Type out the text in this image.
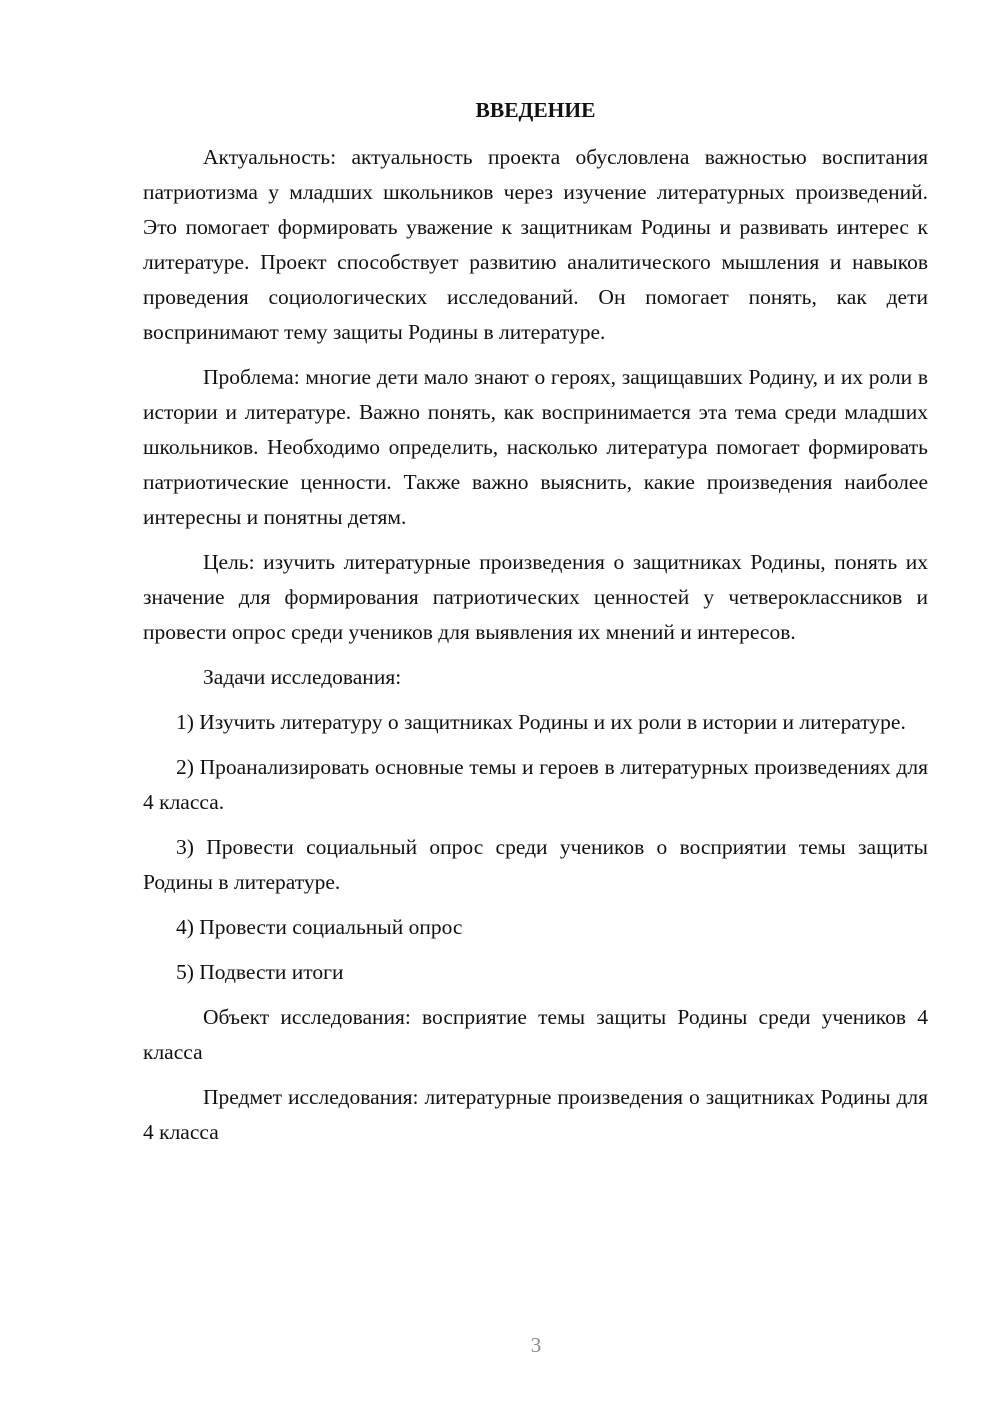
ВВЕДЕНИЕ

Актуальность: актуальность проекта обусловлена важностью воспитания патриотизма у младших школьников через изучение литературных произведений. Это помогает формировать уважение к защитникам Родины и развивать интерес к литературе. Проект способствует развитию аналитического мышления и навыков проведения социологических исследований. Он помогает понять, как дети воспринимают тему защиты Родины в литературе.

Проблема: многие дети мало знают о героях, защищавших Родину, и их роли в истории и литературе. Важно понять, как воспринимается эта тема среди младших школьников. Необходимо определить, насколько литература помогает формировать патриотические ценности. Также важно выяснить, какие произведения наиболее интересны и понятны детям.

Цель: изучить литературные произведения о защитниках Родины, понять их значение для формирования патриотических ценностей у четвероклассников и провести опрос среди учеников для выявления их мнений и интересов.

Задачи исследования:

1) Изучить литературу о защитниках Родины и их роли в истории и литературе.

2) Проанализировать основные темы и героев в литературных произведениях для 4 класса.

3) Провести социальный опрос среди учеников о восприятии темы защиты Родины в литературе.

4) Провести социальный опрос

5) Подвести итоги

Объект исследования: восприятие темы защиты Родины среди учеников 4 класса

Предмет исследования: литературные произведения о защитниках Родины для 4 класса

3
